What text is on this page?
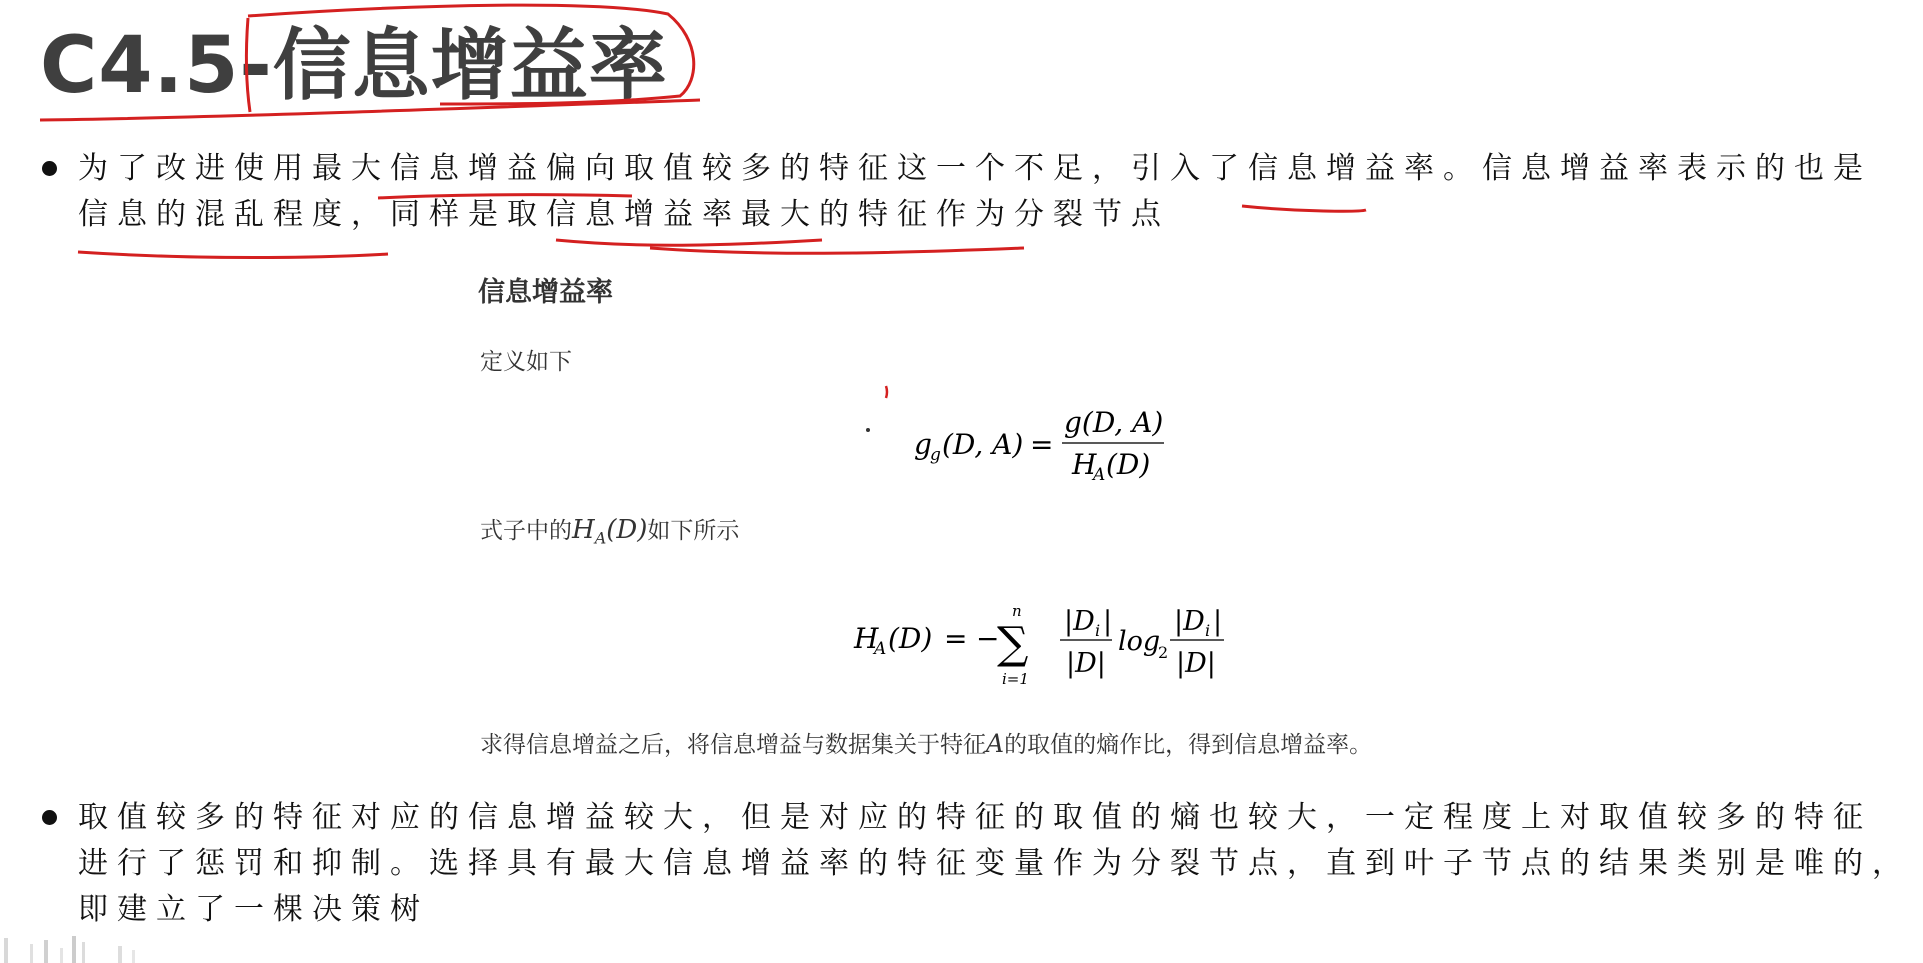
C4.5-信息增益率
为了改进使用最大信息增益偏向取值较多的特征这一个不足，引入了信息增益率。信息增益率表示的也是
信息的混乱程度，同样是取信息增益率最大的特征作为分裂节点
信息增益率
定义如下
g
g (D, A) =
g(D, A)
H
A (D)
式子中的$H_A(D)$如下所示
H
A (D) = −
n
∑
i=1
|D i |
|D|
log
2
|D i |
|D|
求得信息增益之后，将信息增益与数据集关于特征A的取值的熵作比，得到信息增益率。
取值较多的特征对应的信息增益较大，但是对应的特征的取值的熵也较大，一定程度上对取值较多的特征
进行了惩罚和抑制。选择具有最大信息增益率的特征变量作为分裂节点，直到叶子节点的结果类别是唯的，
即建立了一棵决策树
